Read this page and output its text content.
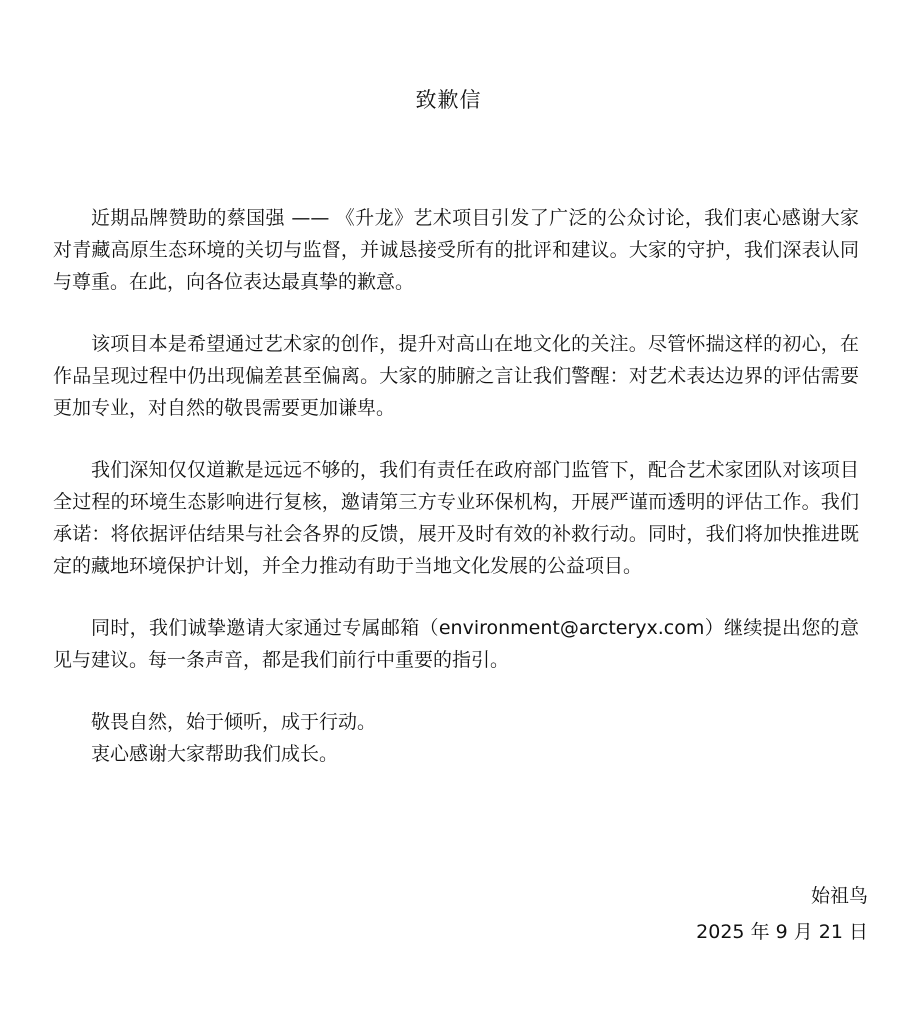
致歉信

近期品牌赞助的蔡国强 —— 《升龙》艺术项目引发了广泛的公众讨论，我们衷心感谢大家对青藏高原生态环境的关切与监督，并诚恳接受所有的批评和建议。大家的守护，我们深表认同与尊重。在此，向各位表达最真挚的歉意。

该项目本是希望通过艺术家的创作，提升对高山在地文化的关注。尽管怀揣这样的初心，在作品呈现过程中仍出现偏差甚至偏离。大家的肺腑之言让我们警醒：对艺术表达边界的评估需要更加专业，对自然的敬畏需要更加谦卑。

我们深知仅仅道歉是远远不够的，我们有责任在政府部门监管下，配合艺术家团队对该项目全过程的环境生态影响进行复核，邀请第三方专业环保机构，开展严谨而透明的评估工作。我们承诺：将依据评估结果与社会各界的反馈，展开及时有效的补救行动。同时，我们将加快推进既定的藏地环境保护计划，并全力推动有助于当地文化发展的公益项目。

同时，我们诚挚邀请大家通过专属邮箱（environment@arcteryx.com）继续提出您的意见与建议。每一条声音，都是我们前行中重要的指引。

敬畏自然，始于倾听，成于行动。

衷心感谢大家帮助我们成长。

始祖鸟
2025 年 9 月 21 日
